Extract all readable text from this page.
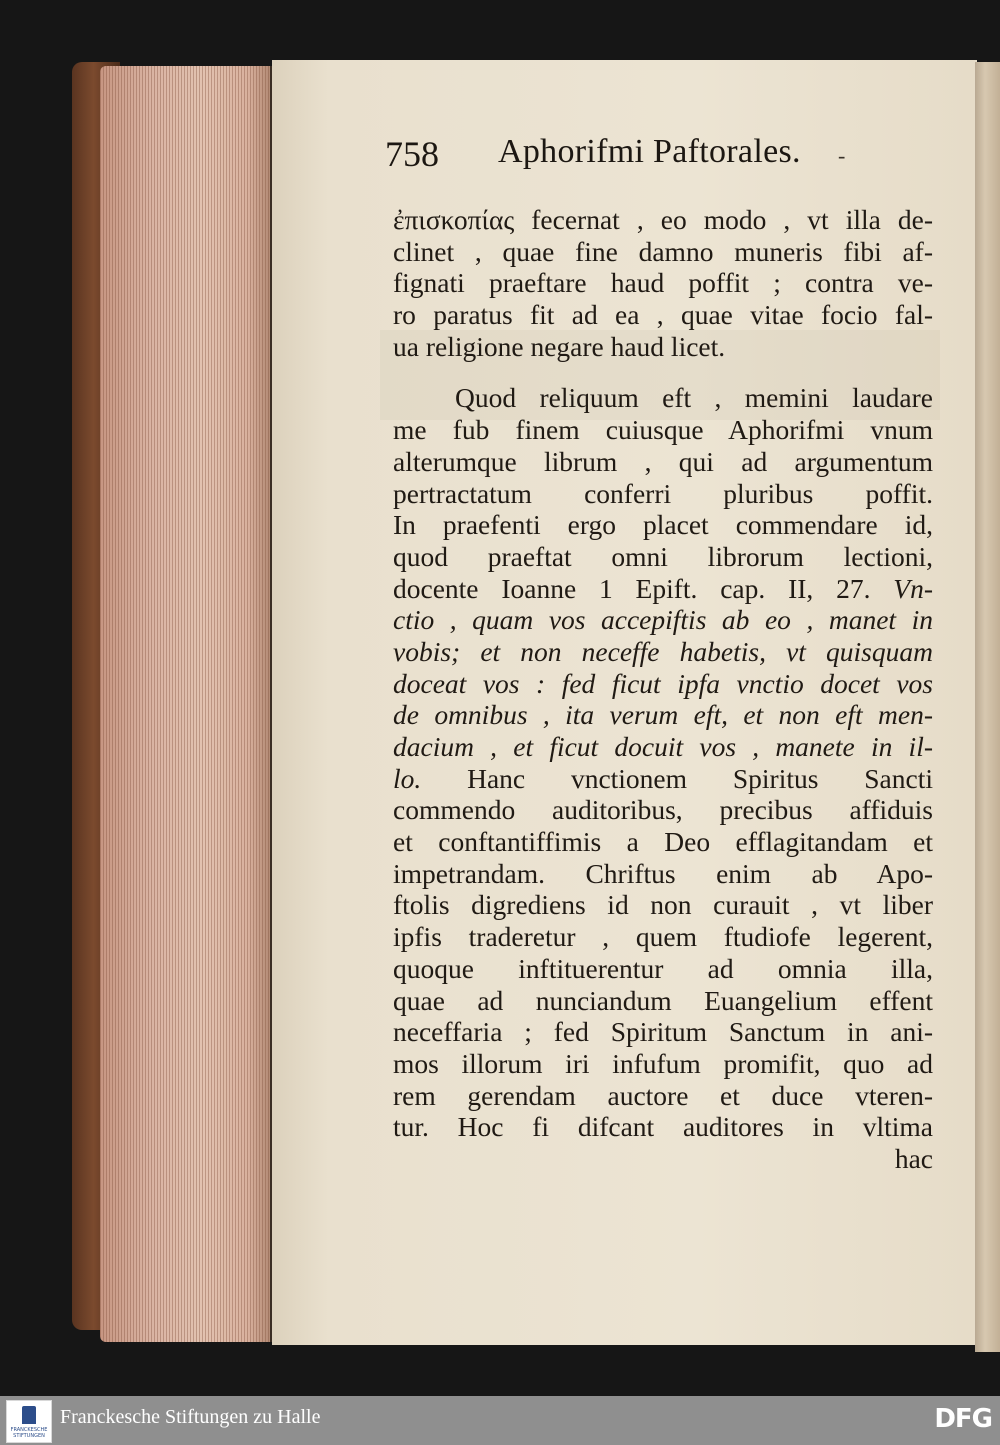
758 Aphorifmi Paftorales. -
ἐπισκοπίας fecernat , eo modo , vt illa de-
clinet , quae fine damno muneris fibi af-
fignati praeftare haud poffit ; contra ve-
ro paratus fit ad ea , quae vitae focio fal-
ua religione negare haud licet.
Quod reliquum eft , memini laudare
me fub finem cuiusque Aphorifmi vnum
alterumque librum , qui ad argumentum
pertractatum conferri pluribus poffit.
In praefenti ergo placet commendare id,
quod praeftat omni librorum lectioni,
docente Ioanne 1 Epift. cap. II, 27. Vn-
ctio , quam vos accepiftis ab eo , manet in
vobis; et non neceffe habetis, vt quisquam
doceat vos : fed ficut ipfa vnctio docet vos
de omnibus , ita verum eft, et non eft men-
dacium , et ficut docuit vos , manete in il-
lo. Hanc vnctionem Spiritus Sancti
commendo auditoribus, precibus affiduis
et conftantiffimis a Deo efflagitandam et
impetrandam. Chriftus enim ab Apo-
ftolis digrediens id non curauit , vt liber
ipfis traderetur , quem ftudiofe legerent,
quoque inftituerentur ad omnia illa,
quae ad nunciandum Euangelium effent
neceffaria ; fed Spiritum Sanctum in ani-
mos illorum iri infufum promifit, quo ad
rem gerendam auctore et duce vteren-
tur. Hoc fi difcant auditores in vltima
hac
FRANCKESCHE STIFTUNGEN
Franckesche Stiftungen zu Halle	DFG
